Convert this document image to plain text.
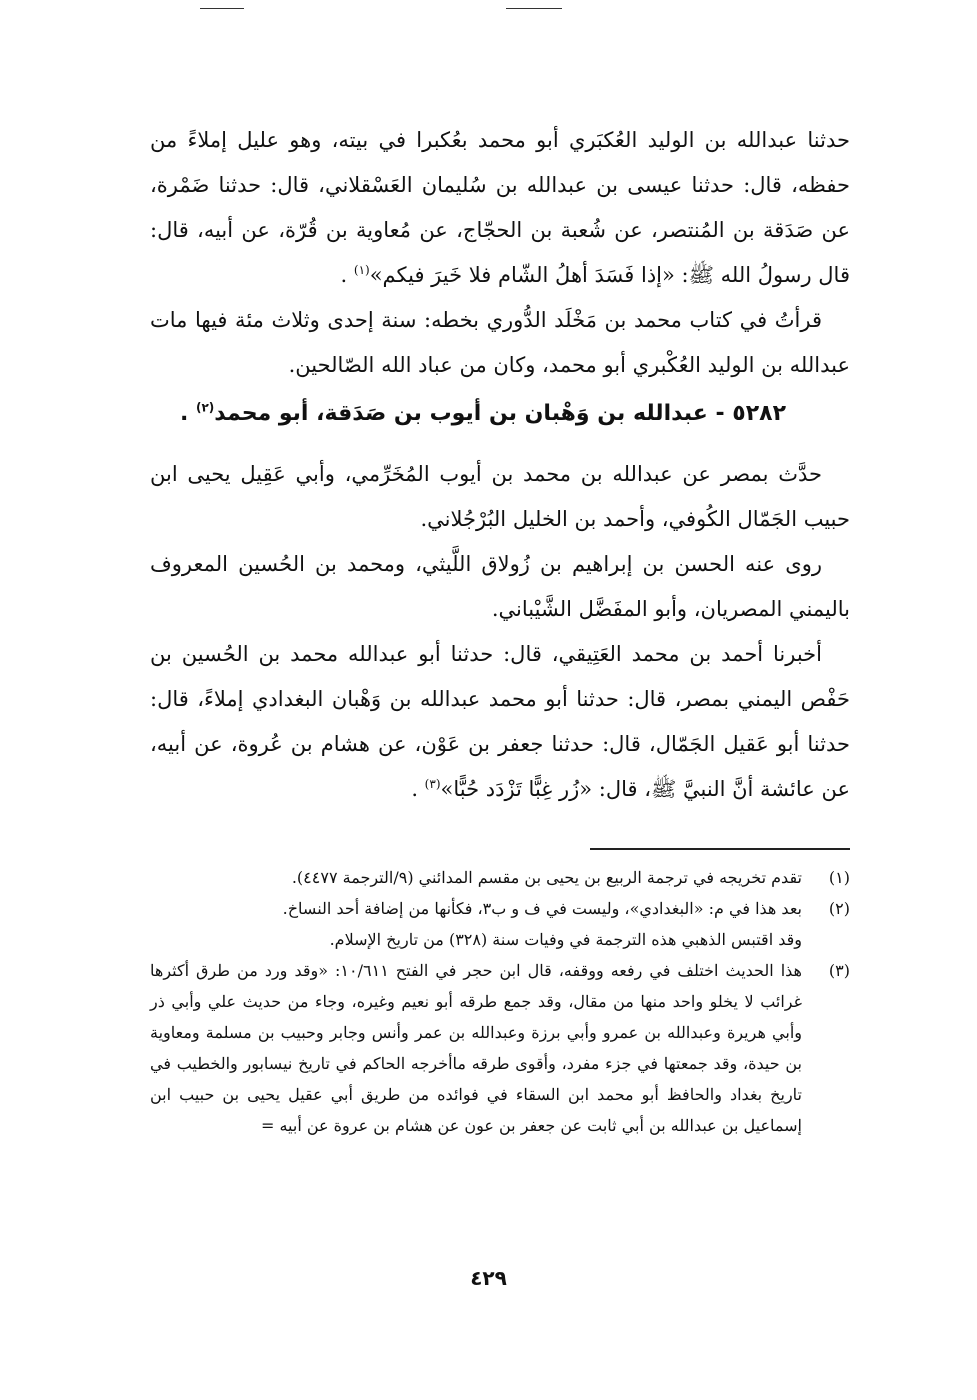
حدثنا عبدالله بن الوليد العُكبَري أبو محمد بعُكبرا في بيته، وهو عليل إملاءً من حفظه، قال: حدثنا عيسى بن عبدالله بن سُليمان العَسْقلاني، قال: حدثنا ضَمْرة، عن صَدَقة بن المُنتصر، عن شُعبة بن الحجّاج، عن مُعاوية بن قُرّة، عن أبيه، قال: قال رسولُ الله ﷺ: «إذا فَسَدَ أهلُ الشّام فلا خَيرَ فيكم»$^{(١)}$ .

قرأتُ في كتاب محمد بن مَخْلَد الدُّوري بخطه: سنة إحدى وثلاث مئة فيها مات عبدالله بن الوليد العُكْبري أبو محمد، وكان من عباد الله الصّالحين.

٥٢٨٢ - عبدالله بن وَهْبان بن أيوب بن صَدَقة، أبو محمد$^{(٢)}$ .

حدَّث بمصر عن عبدالله بن محمد بن أيوب المُخَرِّمي، وأبي عَقِيل يحيى ابن حبيب الجَمّال الكُوفي، وأحمد بن الخليل البُرْجُلاني.

روى عنه الحسن بن إبراهيم بن زُولاق اللَّيثي، ومحمد بن الحُسين المعروف باليمني المصريان، وأبو المفَضَّل الشَّيْباني.

أخبرنا أحمد بن محمد العَتِيقي، قال: حدثنا أبو عبدالله محمد بن الحُسين بن حَفْص اليمني بمصر، قال: حدثنا أبو محمد عبدالله بن وَهْبان البغدادي إملاءً، قال: حدثنا أبو عَقيل الجَمّال، قال: حدثنا جعفر بن عَوْن، عن هشام بن عُروة، عن أبيه، عن عائشة أنَّ النبيَّ ﷺ، قال: «زُر غِبًّا تَزْدَد حُبًّا»$^{(٣)}$ .

(١)

تقدم تخريجه في ترجمة الربيع بن يحيى بن مقسم المدائني (٩/الترجمة ٤٤٧٧).

(٢)

بعد هذا في م: «البغدادي»، وليست في ف و ب٣، فكأنها من إضافة أحد النساخ.

وقد اقتبس الذهبي هذه الترجمة في وفيات سنة (٣٢٨) من تاريخ الإسلام.

(٣)

هذا الحديث اختلف في رفعه ووقفه، قال ابن حجر في الفتح ١٠/٦١١: «وقد ورد من طرق أكثرها غرائب لا يخلو واحد منها من مقال، وقد جمع طرقه أبو نعيم وغيره، وجاء من حديث علي وأبي ذر وأبي هريرة وعبدالله بن عمرو وأبي برزة وعبدالله بن عمر وأنس وجابر وحبيب بن مسلمة ومعاوية بن حيدة، وقد جمعتها في جزء مفرد، وأقوى طرقه ماأخرجه الحاكم في تاريخ نيسابور والخطيب في تاريخ بغداد والحافظ أبو محمد ابن السقاء في فوائده من طريق أبي عقيل يحيى بن حبيب ابن إسماعيل بن عبدالله بن أبي ثابت عن جعفر بن عون عن هشام بن عروة عن أبيه =

٤٢٩
